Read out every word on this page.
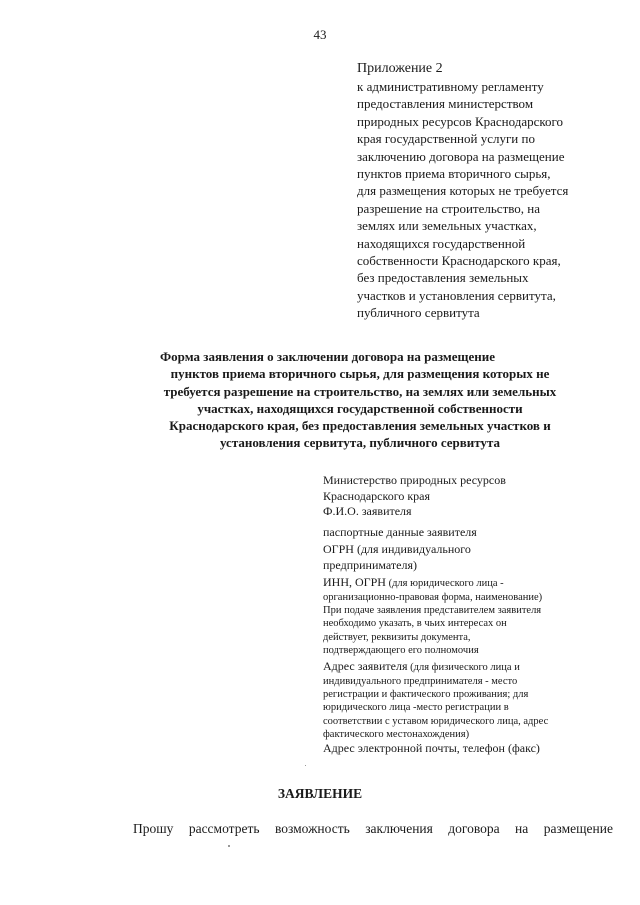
43
Приложение 2
к административному регламенту
предоставления министерством
природных ресурсов Краснодарского
края государственной услуги по
заключению договора на размещение
пунктов приема вторичного сырья,
для размещения которых не требуется
разрешение на строительство, на
землях или земельных участках,
находящихся государственной
собственности Краснодарского края,
без предоставления земельных
участков и установления сервитута,
публичного сервитута
Форма заявления о заключении договора на размещение
пунктов приема вторичного сырья, для размещения которых не
требуется разрешение на строительство, на землях или земельных
участках, находящихся государственной собственности
Краснодарского края, без предоставления земельных участков и
установления сервитута, публичного сервитута
Министерство природных ресурсов
Краснодарского края
Ф.И.О. заявителя
паспортные данные заявителя
ОГРН (для индивидуального
предпринимателя)
ИНН, ОГРН (для юридического лица -
организационно-правовая форма, наименование)
При подаче заявления представителем заявителя
необходимо указать, в чьих интересах он
действует, реквизиты документа,
подтверждающего его полномочия
Адрес заявителя (для физического лица и
индивидуального предпринимателя - место
регистрации и фактического проживания; для
юридического лица -место регистрации в
соответствии с уставом юридического лица, адрес
фактического местонахождения)
Адрес электронной почты, телефон (факс)
ЗАЯВЛЕНИЕ
Прошу рассмотреть возможность заключения договора на размещение
